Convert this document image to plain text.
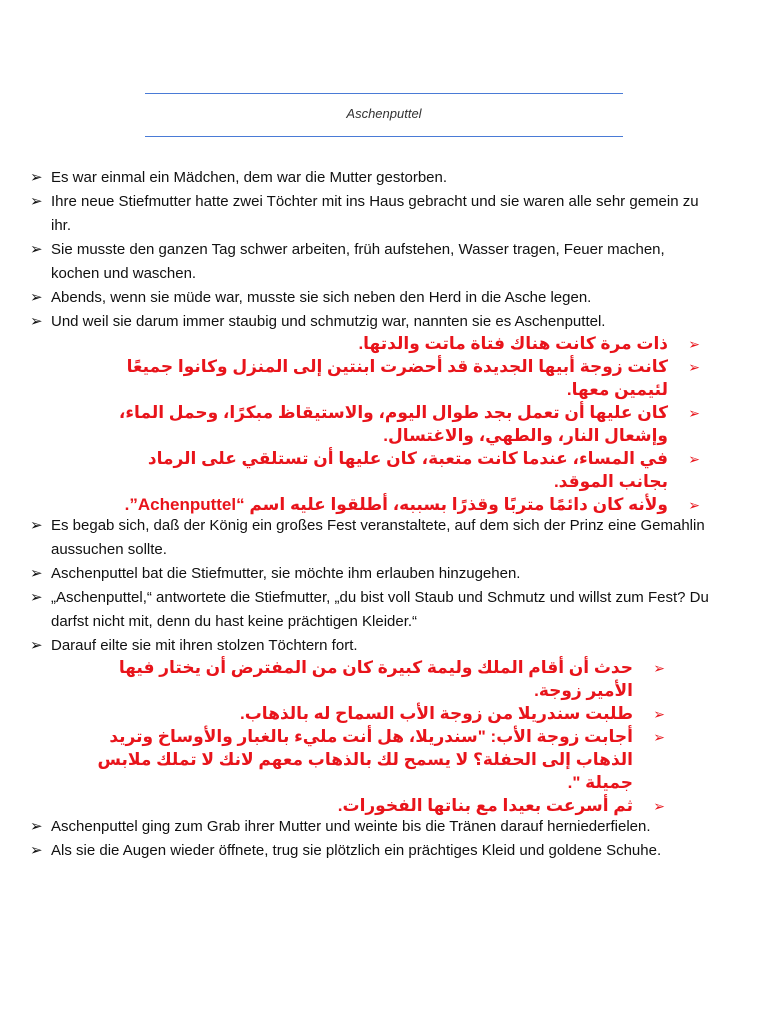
Aschenputtel
➢ Es war einmal ein Mädchen, dem war die Mutter gestorben.
➢ Ihre neue Stiefmutter hatte zwei Töchter mit ins Haus gebracht und sie waren alle sehr gemein zu ihr.
➢ Sie musste den ganzen Tag schwer arbeiten, früh aufstehen, Wasser tragen, Feuer machen, kochen und waschen.
➢ Abends, wenn sie müde war, musste sie sich neben den Herd in die Asche legen.
➢ Und weil sie darum immer staubig und schmutzig war, nannten sie es Aschenputtel.
➢
ذات مرة كانت هناك فتاة ماتت والدتها.
➢
كانت زوجة أبيها الجديدة قد أحضرت ابنتين إلى المنزل وكانوا جميعًا لئيمين معها.
➢
كان عليها أن تعمل بجد طوال اليوم، والاستيقاظ مبكرًا، وحمل الماء، وإشعال النار، والطهي، والاغتسال.
➢
في المساء، عندما كانت متعبة، كان عليها أن تستلقي على الرماد بجانب الموقد.
➢
ولأنه كان دائمًا متربًا وقذرًا بسببه، أطلقوا عليه اسم “Achenputtel”.
➢ Es begab sich, daß der König ein großes Fest veranstaltete, auf dem sich der Prinz eine Gemahlin aussuchen sollte.
➢ Aschenputtel bat die Stiefmutter, sie möchte ihm erlauben hinzugehen.
➢ „Aschenputtel,“ antwortete die Stiefmutter, „du bist voll Staub und Schmutz und willst zum Fest? Du darfst nicht mit, denn du hast keine prächtigen Kleider.“
➢ Darauf eilte sie mit ihren stolzen Töchtern fort.
➢
حدث أن أقام الملك وليمة كبيرة كان من المفترض أن يختار فيها الأمير زوجة.
➢
طلبت سندريلا من زوجة الأب السماح له بالذهاب.
➢
أجابت زوجة الأب: "سندريلا، هل أنت مليء بالغبار والأوساخ وتريد الذهاب إلى الحفلة؟ لا يسمح لك بالذهاب معهم لانك لا تملك ملابس جميلة ".
➢
ثم أسرعت بعيدا مع بناتها الفخورات.
➢ Aschenputtel ging zum Grab ihrer Mutter und weinte bis die Tränen darauf herniederfielen.
➢ Als sie die Augen wieder öffnete, trug sie plötzlich ein prächtiges Kleid und goldene Schuhe.
